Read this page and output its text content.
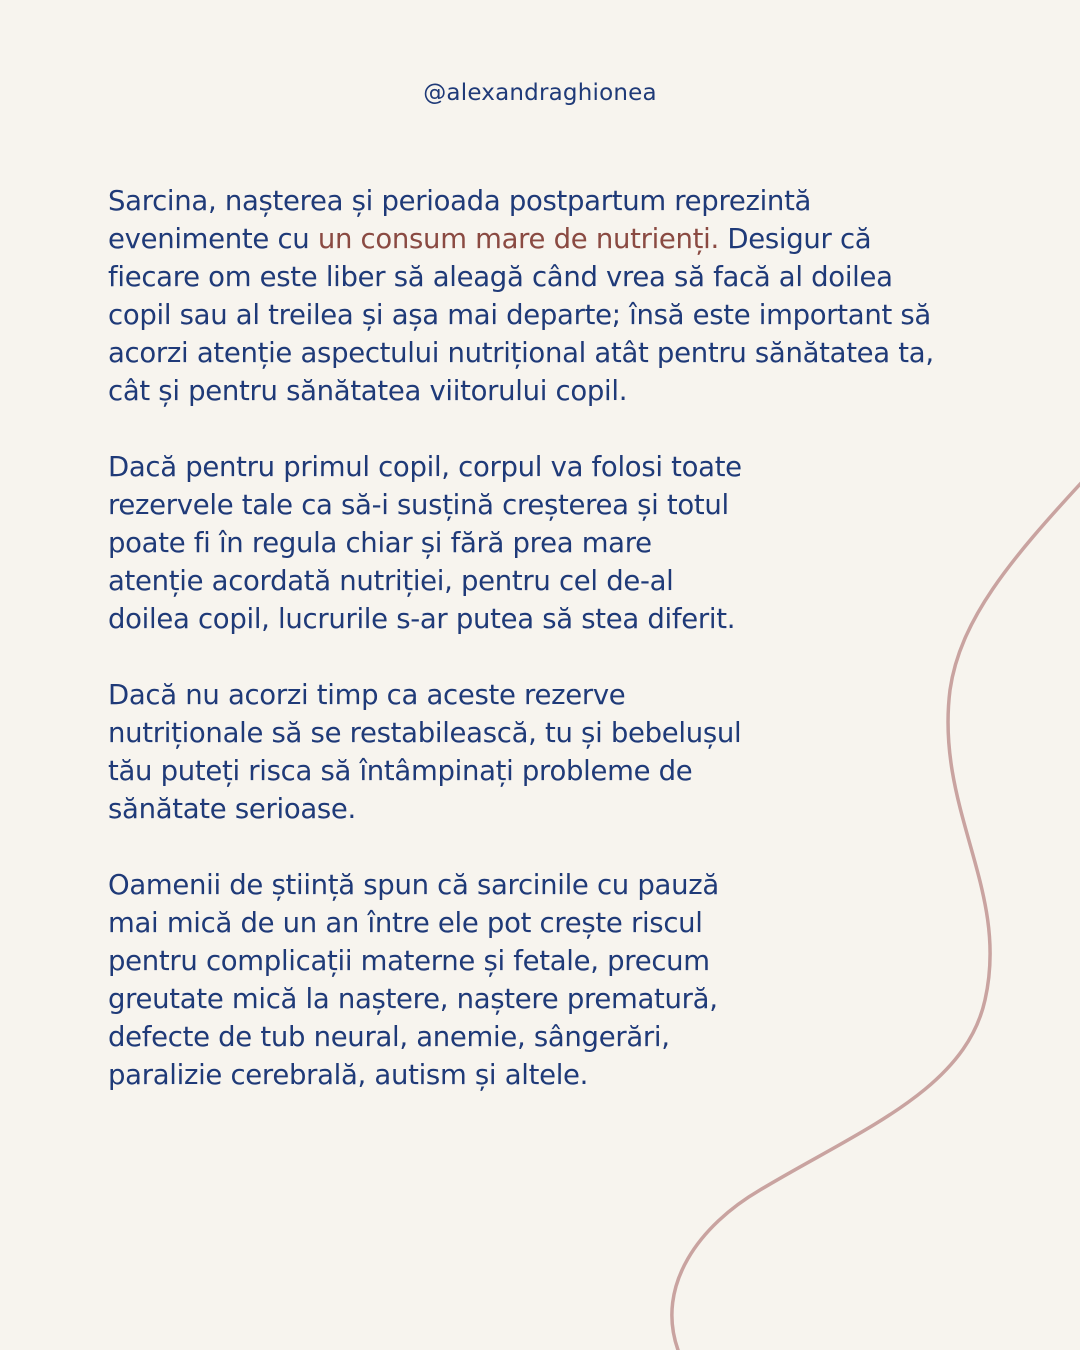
@alexandraghionea

Sarcina, nașterea și perioada postpartum reprezintă
evenimente cu un consum mare de nutrienți. Desigur că
fiecare om este liber să aleagă când vrea să facă al doilea
copil sau al treilea și așa mai departe; însă este important să
acorzi atenție aspectului nutrițional atât pentru sănătatea ta,
cât și pentru sănătatea viitorului copil.

Dacă pentru primul copil, corpul va folosi toate
rezervele tale ca să-i susțină creșterea și totul
poate fi în regula chiar și fără prea mare
atenție acordată nutriției, pentru cel de-al
doilea copil, lucrurile s-ar putea să stea diferit.

Dacă nu acorzi timp ca aceste rezerve
nutriționale să se restabilească, tu și bebelușul
tău puteți risca să întâmpinați probleme de
sănătate serioase.

Oamenii de știință spun că sarcinile cu pauză
mai mică de un an între ele pot crește riscul
pentru complicații materne și fetale, precum
greutate mică la naștere, naștere prematură,
defecte de tub neural, anemie, sângerări,
paralizie cerebrală, autism și altele.
